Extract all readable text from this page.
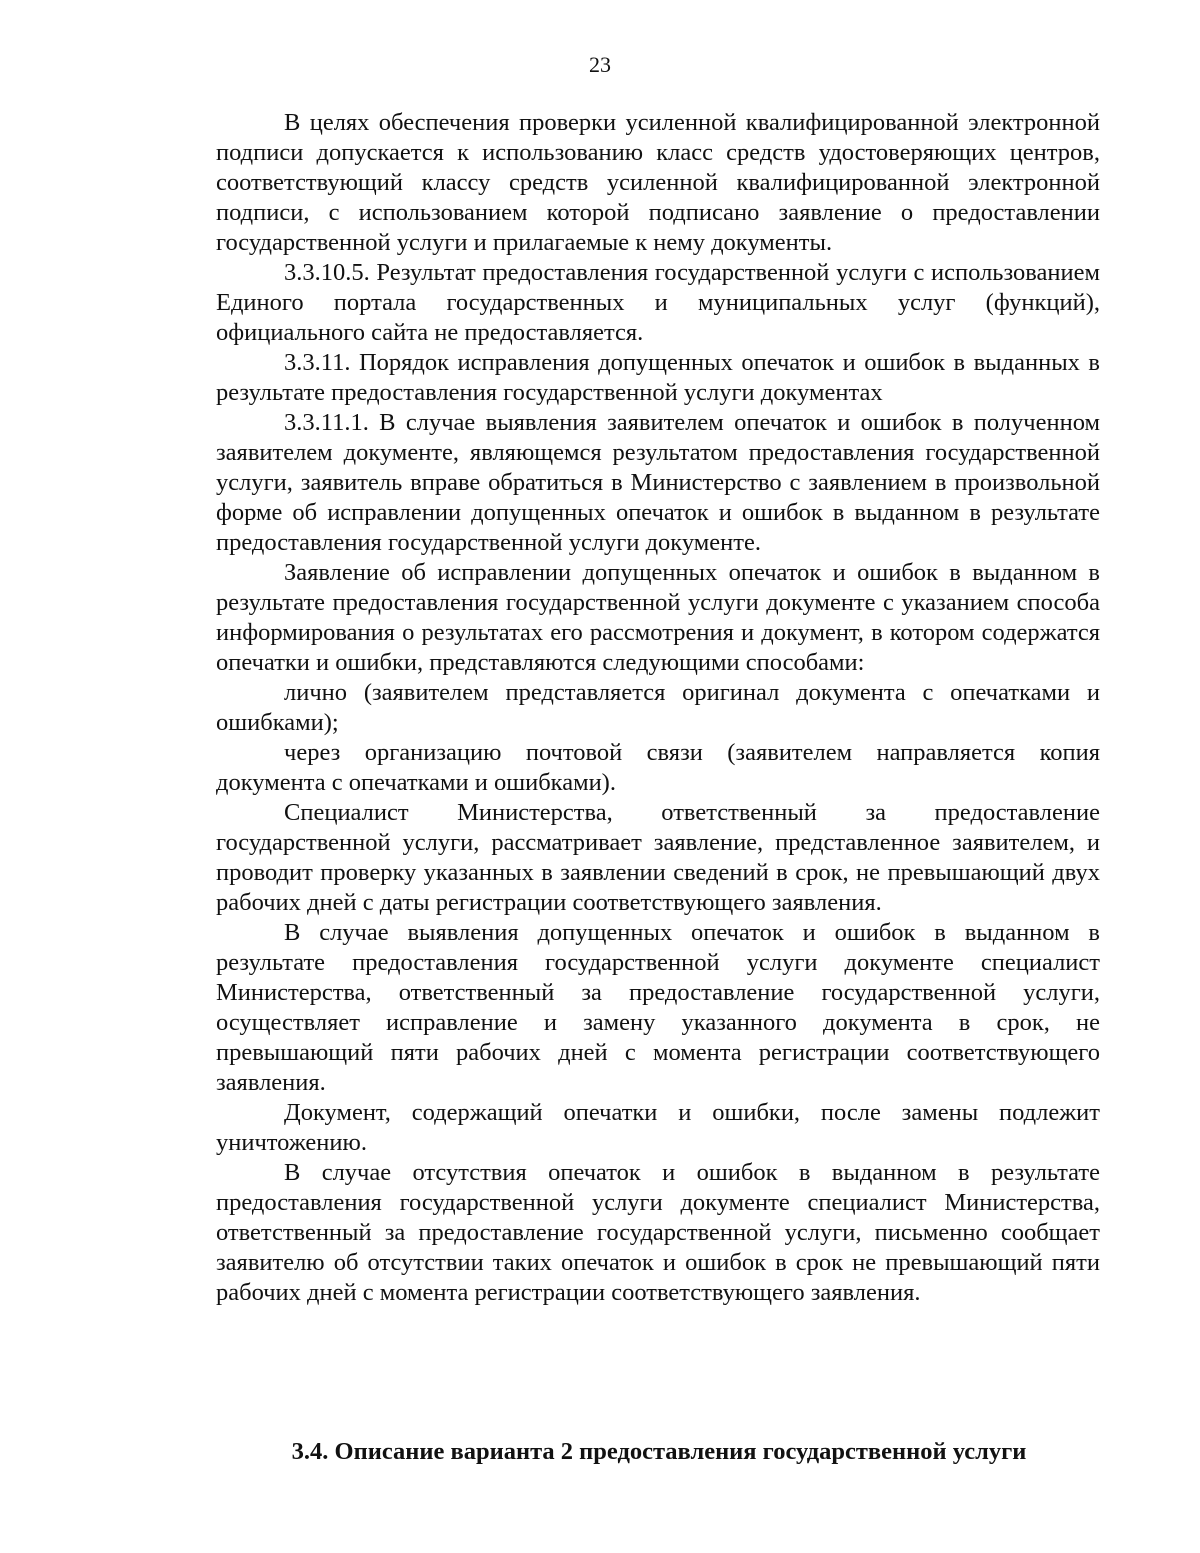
23

В целях обеспечения проверки усиленной квалифицированной электронной подписи допускается к использованию класс средств удостоверяющих центров, соответствующий классу средств усиленной квалифицированной электронной подписи, с использованием которой подписано заявление о предоставлении государственной услуги и прилагаемые к нему документы.

3.3.10.5. Результат предоставления государственной услуги с использованием Единого портала государственных и муниципальных услуг (функций), официального сайта не предоставляется.

3.3.11. Порядок исправления допущенных опечаток и ошибок в выданных в результате предоставления государственной услуги документах

3.3.11.1. В случае выявления заявителем опечаток и ошибок в полученном заявителем документе, являющемся результатом предоставления государственной услуги, заявитель вправе обратиться в Министерство с заявлением в произвольной форме об исправлении допущенных опечаток и ошибок в выданном в результате предоставления государственной услуги документе.

Заявление об исправлении допущенных опечаток и ошибок в выданном в результате предоставления государственной услуги документе с указанием способа информирования о результатах его рассмотрения и документ, в котором содержатся опечатки и ошибки, представляются следующими способами:

лично (заявителем представляется оригинал документа с опечатками и ошибками);

через организацию почтовой связи (заявителем направляется копия документа с опечатками и ошибками).

Специалист Министерства, ответственный за предоставление государственной услуги, рассматривает заявление, представленное заявителем, и проводит проверку указанных в заявлении сведений в срок, не превышающий двух рабочих дней с даты регистрации соответствующего заявления.

В случае выявления допущенных опечаток и ошибок в выданном в результате предоставления государственной услуги документе специалист Министерства, ответственный за предоставление государственной услуги, осуществляет исправление и замену указанного документа в срок, не превышающий пяти рабочих дней с момента регистрации соответствующего заявления.

Документ, содержащий опечатки и ошибки, после замены подлежит уничтожению.

В случае отсутствия опечаток и ошибок в выданном в результате предоставления государственной услуги документе специалист Министерства, ответственный за предоставление государственной услуги, письменно сообщает заявителю об отсутствии таких опечаток и ошибок в срок не превышающий пяти рабочих дней с момента регистрации соответствующего заявления.

3.4. Описание варианта 2 предоставления государственной услуги
